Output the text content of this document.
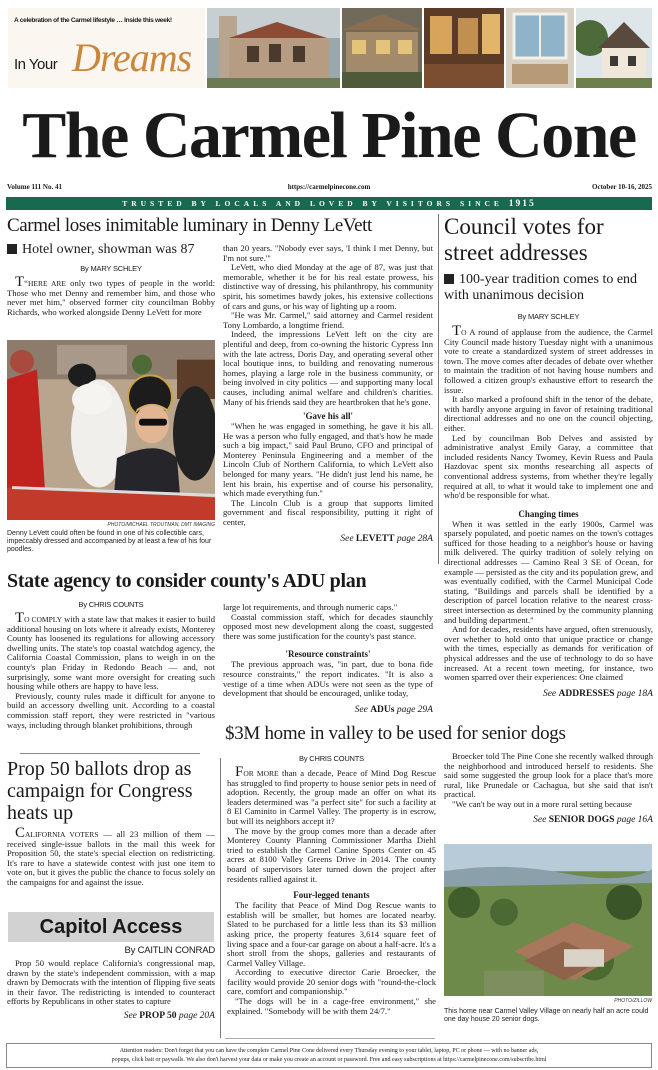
A celebration of the Carmel lifestyle … Inside this week!
In Your Dreams
The Carmel Pine Cone
Volume 111 No. 41	https://carmelpinecone.com	October 10-16, 2025
TRUSTED BY LOCALS AND LOVED BY VISITORS SINCE 1915
Carmel loses inimitable luminary in Denny LeVett
Hotel owner, showman was 87
By MARY SCHLEY

T“HERE ARE only two types of people in the world: Those who met Denny and remember him, and those who never met him," observed former city councilman Bobby Richards, who worked alongside Denny LeVett for more

PHOTO/MICHAEL TROUTMAN, DMT IMAGING
Denny LeVett could often be found in one of his collectible cars, impeccably dressed and accompanied by at least a few of his four poodles.

than 20 years. "Nobody ever says, 'I think I met Denny, but I'm not sure.'"

LeVett, who died Monday at the age of 87, was just that memorable, whether it be for his real estate prowess, his distinctive way of dressing, his philanthropy, his community spirit, his sometimes bawdy jokes, his extensive collections of cars and guns, or his way of lighting up a room.

"He was Mr. Carmel," said attorney and Carmel resident Tony Lombardo, a longtime friend.

Indeed, the impressions LeVett left on the city are plentiful and deep, from co-owning the historic Cypress Inn with the late actress, Doris Day, and operating several other local boutique inns, to building and renovating numerous homes, playing a large role in the business community, or being involved in city politics — and supporting many local causes, including animal welfare and children's charities. Many of his friends said they are heartbroken that he's gone.

'Gave his all'

"When he was engaged in something, he gave it his all. He was a person who fully engaged, and that's how he made such a big impact," said Paul Bruno, CFO and principal of Monterey Peninsula Engineering and a member of the Lincoln Club of Northern California, to which LeVett also belonged for many years. "He didn't just lend his name, he lent his brain, his expertise and of course his personality, which made everything fun."

The Lincoln Club is a group that supports limited government and fiscal responsibility, putting it right of center,

See LEVETT page 28A
Council votes for street addresses
100-year tradition comes to end with unanimous decision
By MARY SCHLEY

TO A round of applause from the audience, the Carmel City Council made history Tuesday night with a unanimous vote to create a standardized system of street addresses in town. The move comes after decades of debate over whether to maintain the tradition of not having house numbers and followed a citizen group's exhaustive effort to research the issue.

It also marked a profound shift in the tenor of the debate, with hardly anyone arguing in favor of retaining traditional directional addresses and no one on the council objecting, either.

Led by councilman Bob Delves and assisted by administrative analyst Emily Garay, a committee that included residents Nancy Twomey, Kevin Ruess and Paula Hazdovac spent six months researching all aspects of conventional address systems, from whether they're legally required at all, to what it would take to implement one and who'd be responsible for what.

Changing times

When it was settled in the early 1900s, Carmel was sparsely populated, and poetic names on the town's cottages sufficed for those heading to a neighbor's house or having milk delivered. The quirky tradition of solely relying on directional addresses — Camino Real 3 SE of Ocean, for example — persisted as the city and its population grew, and was eventually codified, with the Carmel Municipal Code stating, "Buildings and parcels shall be identified by a description of parcel location relative to the nearest cross-street intersection as determined by the community planning and building department."

And for decades, residents have argued, often strenuously, over whether to hold onto that unique practice or change with the times, especially as demands for verification of physical addresses and the use of technology to do so have increased. At a recent town meeting, for instance, two women sparred over their experiences: One claimed

See ADDRESSES page 18A
State agency to consider county's ADU plan
By CHRIS COUNTS

TO COMPLY with a state law that makes it easier to build additional housing on lots where it already exists, Monterey County has loosened its regulations for allowing accessory dwelling units. The state's top coastal watchdog agency, the California Coastal Commission, plans to weigh in on the county's plan Friday in Redondo Beach — and, not surprisingly, some want more oversight for creating such housing while others are happy to have less.

Previously, county rules made it difficult for anyone to build an accessory dwelling unit. According to a coastal commission staff report, they were restricted in "various ways, including through blanket prohibitions, through

large lot requirements, and through numeric caps."

Coastal commission staff, which for decades staunchly opposed most new development along the coast, suggested there was some justification for the county's past stance.

'Resource constraints'

The previous approach was, "in part, due to bona fide resource constraints," the report indicates. "It is also a vestige of a time when ADUs were not seen as the type of development that should be encouraged, unlike today,

See ADUs page 29A
Prop 50 ballots drop as campaign for Congress heats up

CALIFORNIA VOTERS — all 23 million of them — received single-issue ballots in the mail this week for Proposition 50, the state's special election on redistricting. It's rare to have a statewide contest with just one item to vote on, but it gives the public the chance to focus solely on the campaigns for and against the issue.

Capitol Access
By CAITLIN CONRAD

Prop 50 would replace California's congressional map, drawn by the state's independent commission, with a map drawn by Democrats with the intention of flipping five seats in their favor. The redistricting is intended to counteract efforts by Republicans in other states to capture

See PROP 50 page 20A
$3M home in valley to be used for senior dogs
By CHRIS COUNTS

FOR MORE than a decade, Peace of Mind Dog Rescue has struggled to find property to house senior pets in need of adoption. Recently, the group made an offer on what its leaders determined was "a perfect site" for such a facility at 8 El Caminito in Carmel Valley. The property is in escrow, but will its neighbors accept it?

The move by the group comes more than a decade after Monterey County Planning Commissioner Martha Diehl tried to establish the Carmel Canine Sports Center on 45 acres at 8100 Valley Greens Drive in 2014. The county board of supervisors later turned down the project after residents rallied against it.

Four-legged tenants

The facility that Peace of Mind Dog Rescue wants to establish will be smaller, but homes are located nearby. Slated to be purchased for a little less than its $3 million asking price, the property features 3,614 square feet of living space and a four-car garage on about a half-acre. It's a short stroll from the shops, galleries and restaurants of Carmel Valley Village.

According to executive director Carie Broecker, the facility would provide 20 senior dogs with "round-the-clock care, comfort and companionship."

"The dogs will be in a cage-free environment," she explained. "Somebody will be with them 24/7."

Broecker told The Pine Cone she recently walked through the neighborhood and introduced herself to residents. She said some suggested the group look for a place that's more rural, like Prunedale or Cachagua, but she said that isn't practical.

"We can't be way out in a more rural setting because

See SENIOR DOGS page 16A
PHOTO/ZILLOW
This home near Carmel Valley Village on nearly half an acre could one day house 20 senior dogs.
Attention readers: Don't forget that you can have the complete Carmel Pine Cone delivered every Thursday evening to your tablet, laptop, PC or phone — with no banner ads,
popups, click bait or paywalls. We also don't harvest your data or make you create an account or password. Free and easy subscriptions at https://carmelpinecone.com/subscribe.html
